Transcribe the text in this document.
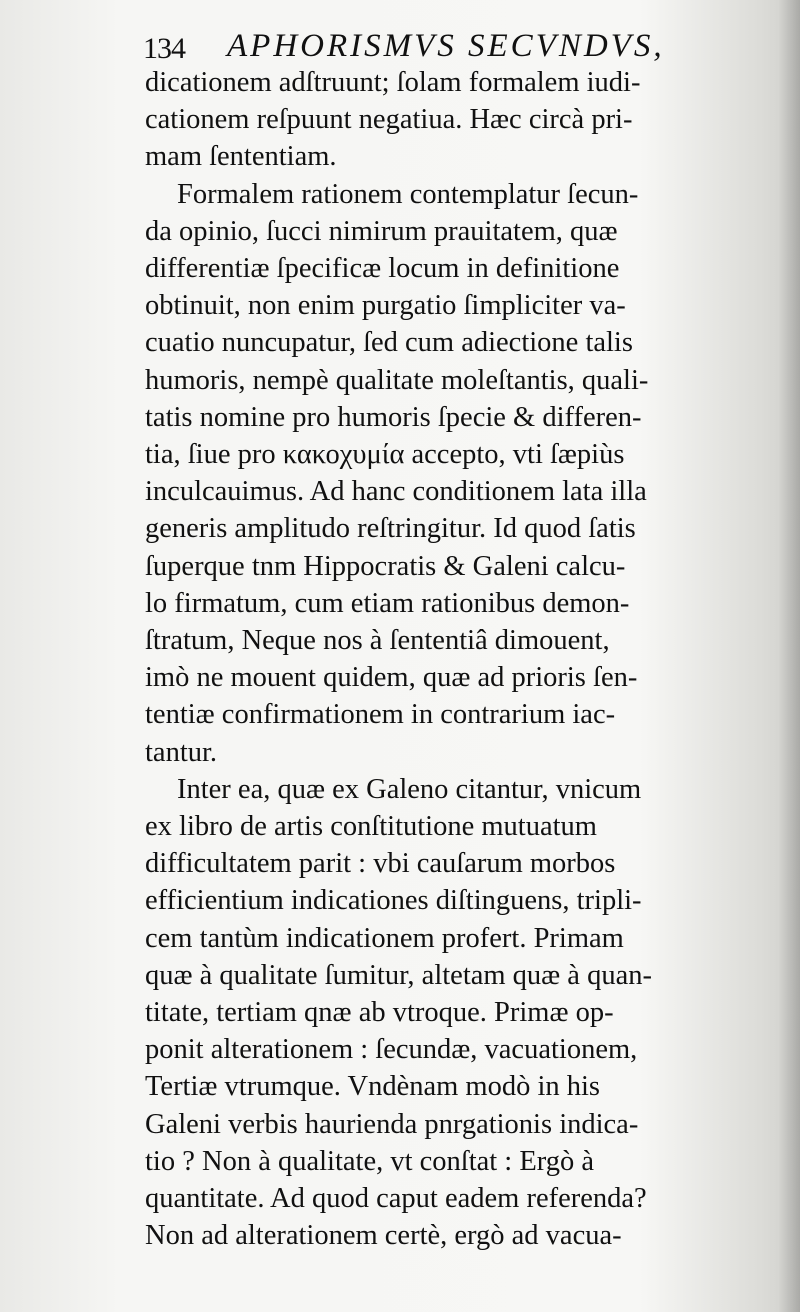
134 APHORISMVS SECVNDVS,
dicationem adſtruunt; ſolam formalem iudi-
cationem reſpuunt negatiua. Hæc circà pri-
mam ſententiam.
Formalem rationem contemplatur ſecun-
da opinio, ſucci nimirum prauitatem, quæ
differentiæ ſpecificæ locum in definitione
obtinuit, non enim purgatio ſimpliciter va-
cuatio nuncupatur, ſed cum adiectione talis
humoris, nempè qualitate moleſtantis, quali-
tatis nomine pro humoris ſpecie & differen-
tia, ſiue pro κακοχυμία accepto, vti ſæpiùs
inculcauimus. Ad hanc conditionem lata illa
generis amplitudo reſtringitur. Id quod ſatis
ſuperque tnm Hippocratis & Galeni calcu-
lo firmatum, cum etiam rationibus demon-
ſtratum, Neque nos à ſententiâ dimouent,
imò ne mouent quidem, quæ ad prioris ſen-
tentiæ confirmationem in contrarium iac-
tantur.
Inter ea, quæ ex Galeno citantur, vnicum
ex libro de artis conſtitutione mutuatum
difficultatem parit : vbi cauſarum morbos
efficientium indicationes diſtinguens, tripli-
cem tantùm indicationem profert. Primam
quæ à qualitate ſumitur, altetam quæ à quan-
titate, tertiam qnæ ab vtroque. Primæ op-
ponit alterationem : ſecundæ, vacuationem,
Tertiæ vtrumque. Vndènam modò in his
Galeni verbis haurienda pnrgationis indica-
tio ? Non à qualitate, vt conſtat : Ergò à
quantitate. Ad quod caput eadem referenda?
Non ad alterationem certè, ergò ad vacua-
